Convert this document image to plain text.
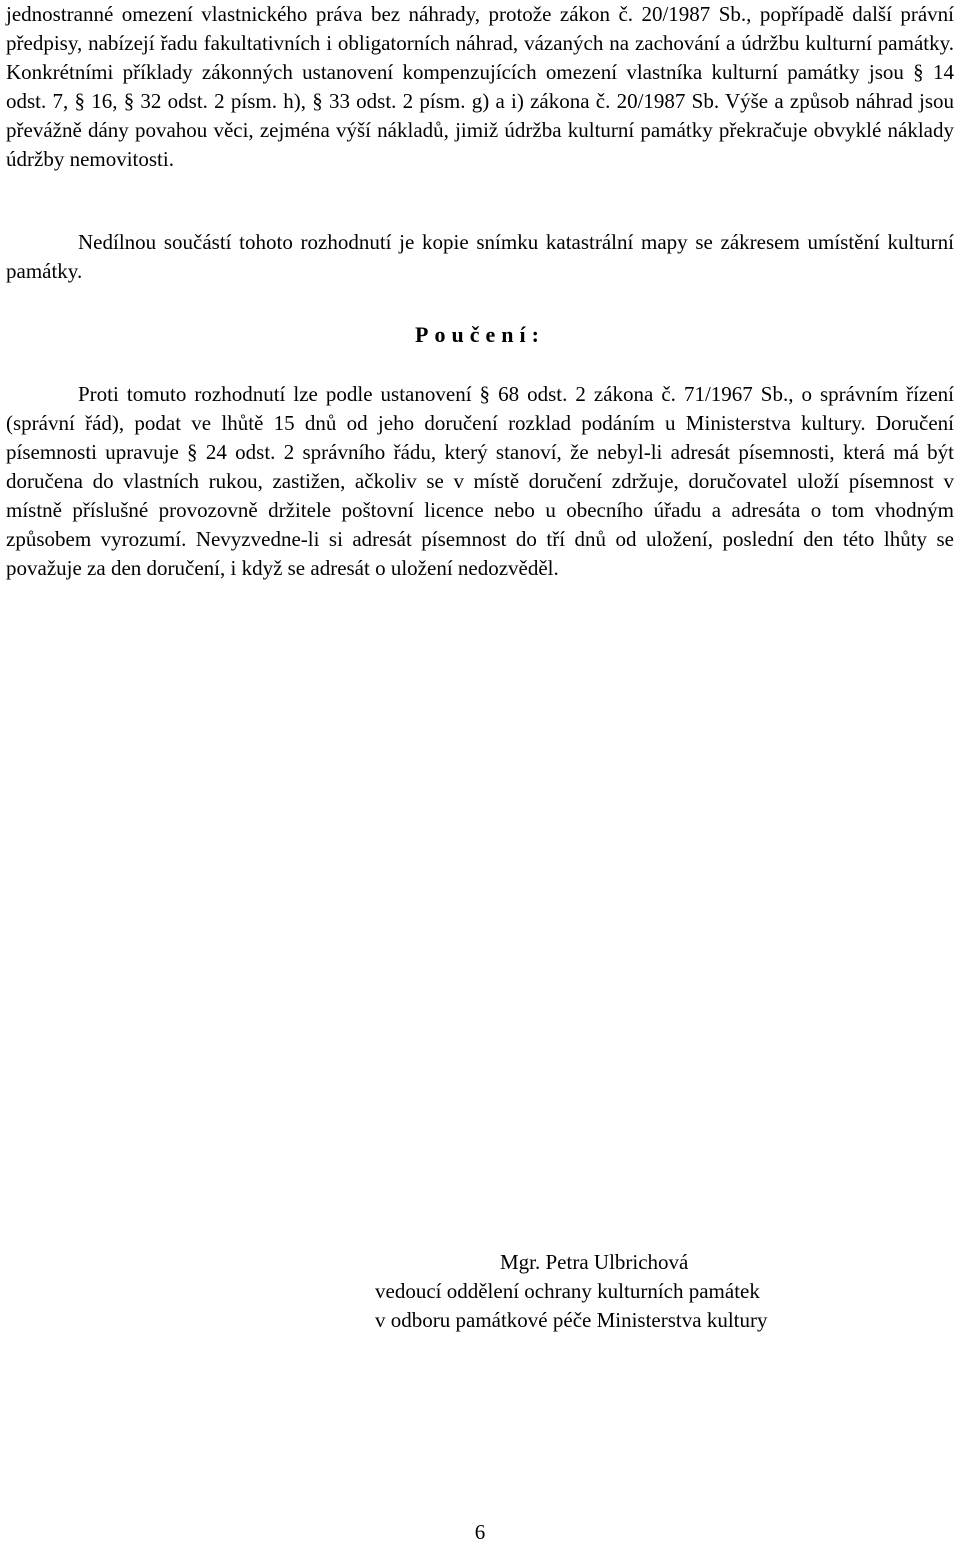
jednostranné omezení vlastnického práva bez náhrady, protože zákon č. 20/1987 Sb., popřípadě další právní předpisy, nabízejí řadu fakultativních i obligatorních náhrad, vázaných na zachování a údržbu kulturní památky. Konkrétními příklady zákonných ustanovení kompenzujících omezení vlastníka kulturní památky jsou § 14 odst. 7, § 16, § 32 odst. 2 písm. h), § 33 odst. 2 písm. g) a i) zákona č. 20/1987 Sb. Výše a způsob náhrad jsou převážně dány povahou věci, zejména výší nákladů, jimiž údržba kulturní památky překračuje obvyklé náklady údržby nemovitosti.

Nedílnou součástí tohoto rozhodnutí je kopie snímku katastrální mapy se zákresem umístění kulturní památky.

Poučení:

Proti tomuto rozhodnutí lze podle ustanovení § 68 odst. 2 zákona č. 71/1967 Sb., o správním řízení (správní řád), podat ve lhůtě 15 dnů od jeho doručení rozklad podáním u Ministerstva kultury. Doručení písemnosti upravuje § 24 odst. 2 správního řádu, který stanoví, že nebyl-li adresát písemnosti, která má být doručena do vlastních rukou, zastižen, ačkoliv se v místě doručení zdržuje, doručovatel uloží písemnost v místně příslušné provozovně držitele poštovní licence nebo u obecního úřadu a adresáta o tom vhodným způsobem vyrozumí. Nevyzvedne-li si adresát písemnost do tří dnů od uložení, poslední den této lhůty se považuje za den doručení, i když se adresát o uložení nedozvěděl.

Mgr. Petra Ulbrichová
vedoucí oddělení ochrany kulturních památek
v odboru památkové péče Ministerstva kultury
6
